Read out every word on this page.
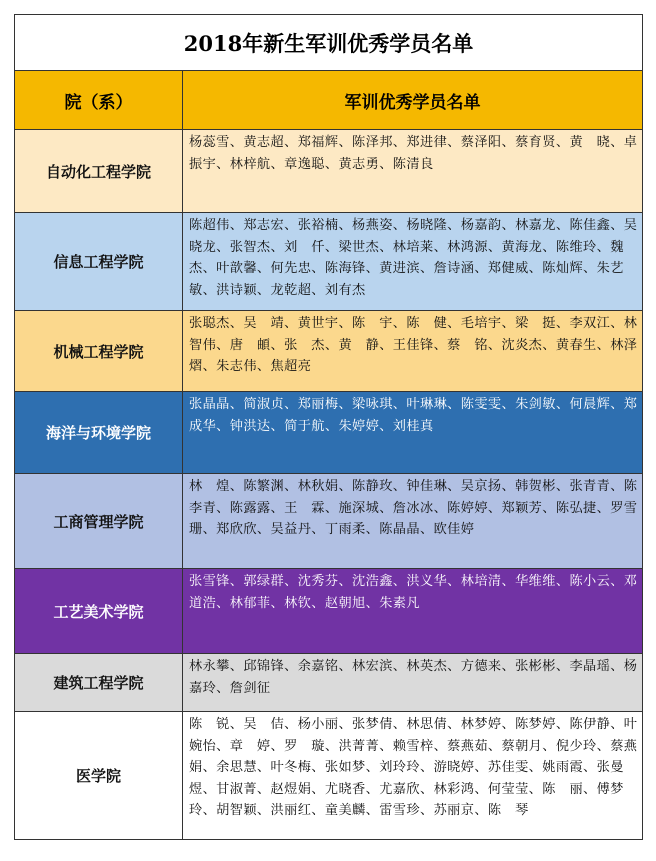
2018年新生军训优秀学员名单	
院（系）	军训优秀学员名单
自动化工程学院	杨蕊雪、黄志超、郑福辉、陈泽邦、郑进律、蔡泽阳、蔡育贤、黄　晓、卓振宇、林梓航、章逸聪、黄志勇、陈清良
信息工程学院	陈超伟、郑志宏、张裕楠、杨燕姿、杨晓隆、杨嘉韵、林嘉龙、陈佳鑫、吴晓龙、张智杰、刘　仟、梁世杰、林培莱、林鸿源、黄海龙、陈维玲、魏　杰、叶歆馨、何先忠、陈海锋、黄进滨、詹诗涵、郑健威、陈灿辉、朱艺敏、洪诗颖、龙乾超、刘有杰
机械工程学院	张聪杰、吴　靖、黄世宇、陈　宇、陈　健、毛培宇、梁　挺、李双江、林智伟、唐　頔、张　杰、黄　静、王佳锋、蔡　铭、沈炎杰、黄春生、林泽熠、朱志伟、焦超亮
海洋与环境学院	张晶晶、简淑贞、郑丽梅、梁咏琪、叶琳琳、陈雯雯、朱剑敏、何晨辉、郑成华、钟洪达、简于航、朱婷婷、刘桂真
工商管理学院	林　煌、陈繁渊、林秋娟、陈静玫、钟佳琳、吴京扬、韩贺彬、张青青、陈李青、陈露露、王　霖、施深城、詹冰冰、陈婷婷、郑颖芳、陈弘捷、罗雪珊、郑欣欣、吴益丹、丁雨柔、陈晶晶、欧佳婷
工艺美术学院	张雪锋、郭绿群、沈秀芬、沈浩鑫、洪义华、林培清、华维维、陈小云、邓道浩、林郁菲、林钦、赵朝旭、朱素凡
建筑工程学院	林永攀、邱锦锋、余嘉铭、林宏滨、林英杰、方德来、张彬彬、李晶瑶、杨嘉玲、詹剑征
医学院	陈　锐、吴　佶、杨小丽、张梦倩、林思倩、林梦婷、陈梦婷、陈伊静、叶婉怡、章　婷、罗　璇、洪菁菁、赖雪梓、蔡燕茹、蔡朝月、倪少玲、蔡燕娟、余思慧、叶冬梅、张如梦、刘玲玲、游晓婷、苏佳雯、姚雨霞、张曼煜、甘淑菁、赵煜娟、尤晓香、尤嘉欣、林彩鸿、何莹莹、陈　丽、傅梦玲、胡智颖、洪丽红、童美麟、雷雪珍、苏丽京、陈　琴
